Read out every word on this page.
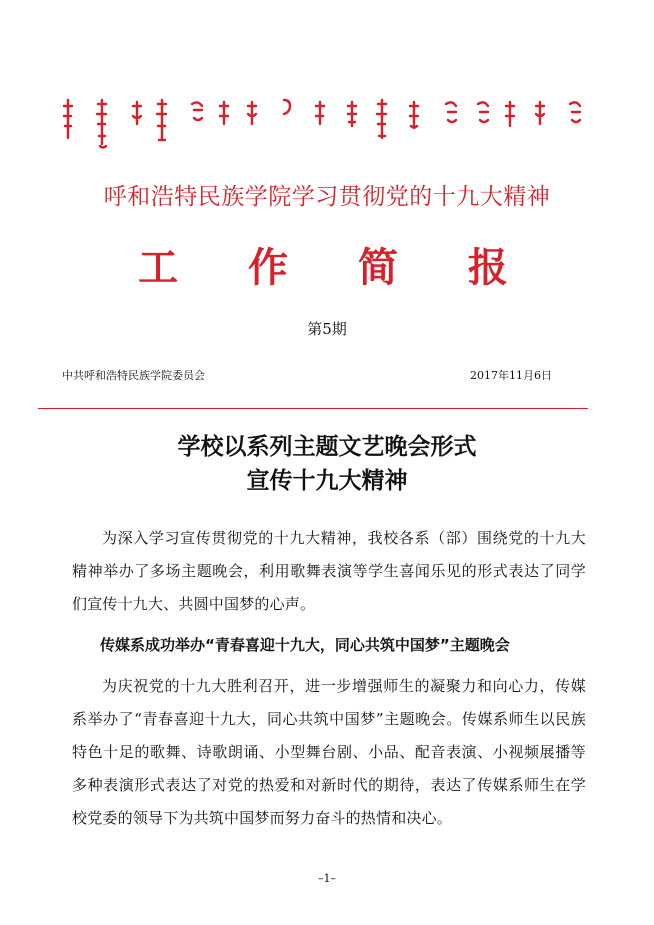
呼和浩特民族学院学习贯彻党的十九大精神
工 作 简 报
第5期
中共呼和浩特民族学院委员会	2017年11月6日
学校以系列主题文艺晚会形式
宣传十九大精神
为深入学习宣传贯彻党的十九大精神，我校各系（部）围绕党的十九大精神举办了多场主题晚会，利用歌舞表演等学生喜闻乐见的形式表达了同学们宣传十九大、共圆中国梦的心声。
传媒系成功举办“青春喜迎十九大，同心共筑中国梦”主题晚会
为庆祝党的十九大胜利召开，进一步增强师生的凝聚力和向心力，传媒系举办了“青春喜迎十九大，同心共筑中国梦”主题晚会。传媒系师生以民族特色十足的歌舞、诗歌朗诵、小型舞台剧、小品、配音表演、小视频展播等多种表演形式表达了对党的热爱和对新时代的期待，表达了传媒系师生在学校党委的领导下为共筑中国梦而努力奋斗的热情和决心。
–1–
